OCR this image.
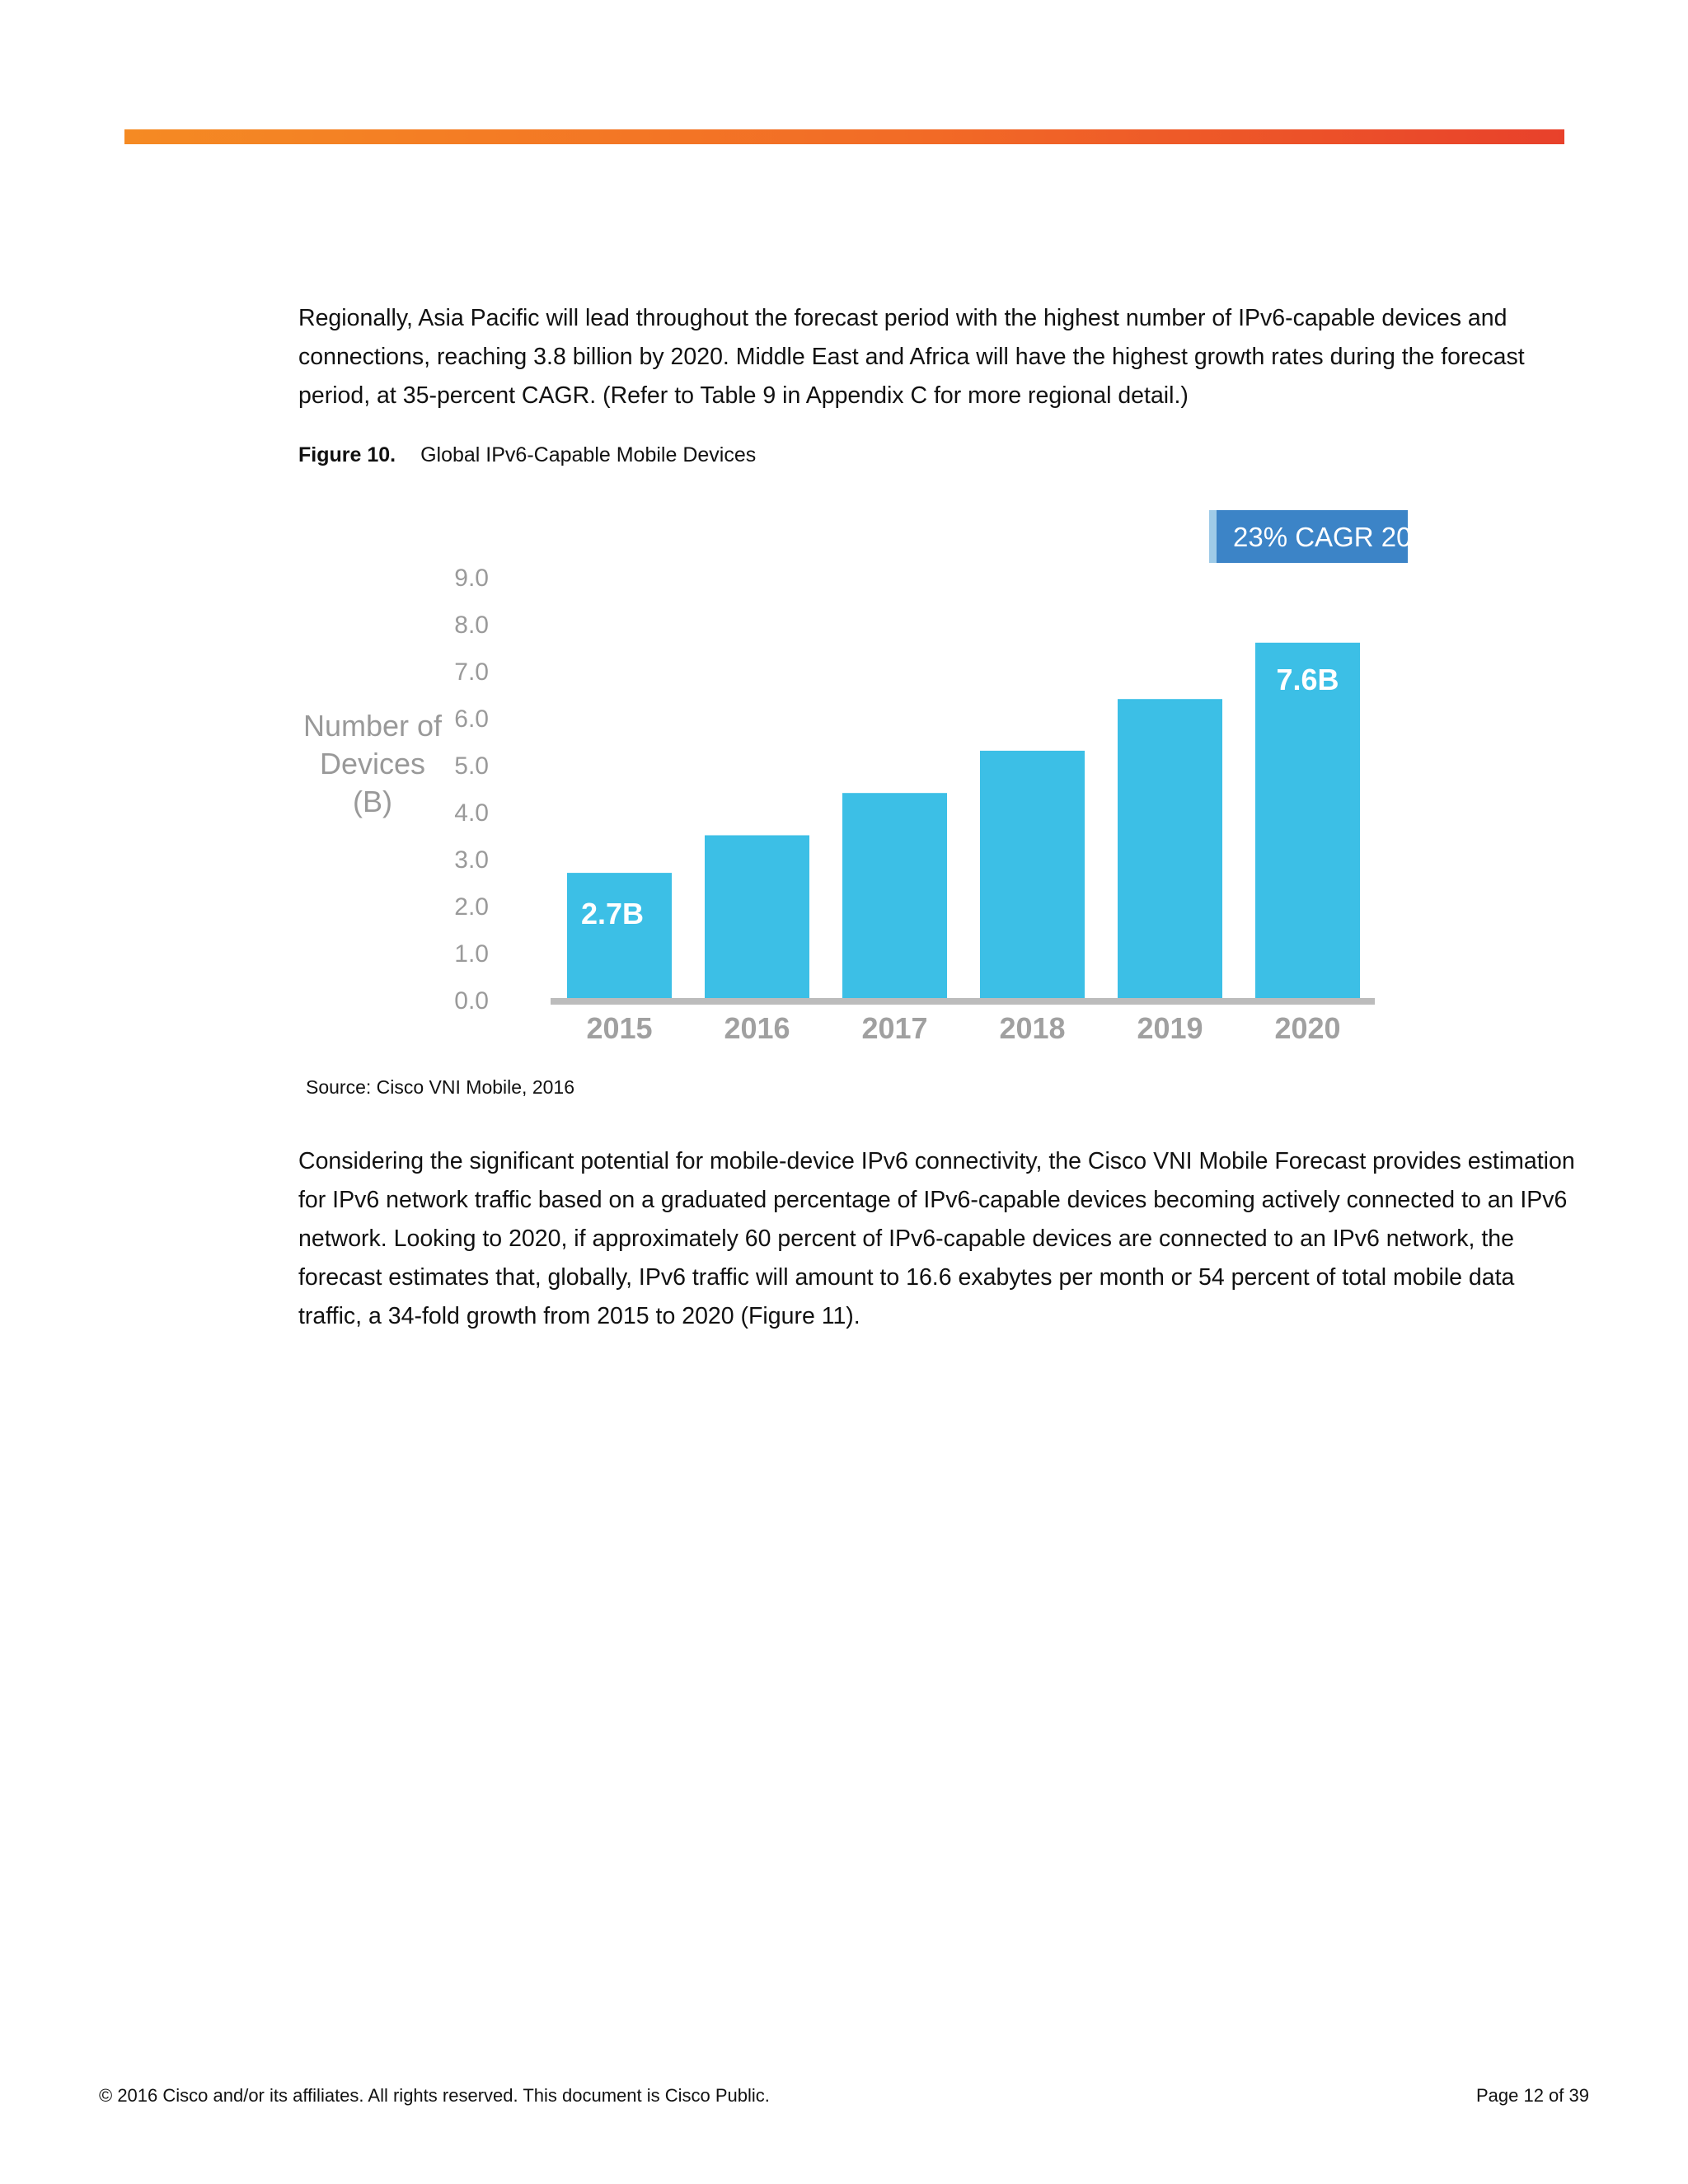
Regionally, Asia Pacific will lead throughout the forecast period with the highest number of IPv6-capable devices and connections, reaching 3.8 billion by 2020. Middle East and Africa will have the highest growth rates during the forecast period, at 35-percent CAGR. (Refer to Table 9 in Appendix C for more regional detail.)

Figure 10. Global IPv6-Capable Mobile Devices
23% CAGR 2015–2020
0.0
1.0
2.0
3.0
4.0
5.0
6.0
7.0
8.0
9.0
Number of
Devices
(B)
2015 2016 2017 2018 2019 2020
2.7B
7.6B
Source: Cisco VNI Mobile, 2016

Considering the significant potential for mobile-device IPv6 connectivity, the Cisco VNI Mobile Forecast provides estimation for IPv6 network traffic based on a graduated percentage of IPv6-capable devices becoming actively connected to an IPv6 network. Looking to 2020, if approximately 60 percent of IPv6-capable devices are connected to an IPv6 network, the forecast estimates that, globally, IPv6 traffic will amount to 16.6 exabytes per month or 54 percent of total mobile data traffic, a 34-fold growth from 2015 to 2020 (Figure 11).

© 2016 Cisco and/or its affiliates. All rights reserved. This document is Cisco Public.	Page 12 of 39
